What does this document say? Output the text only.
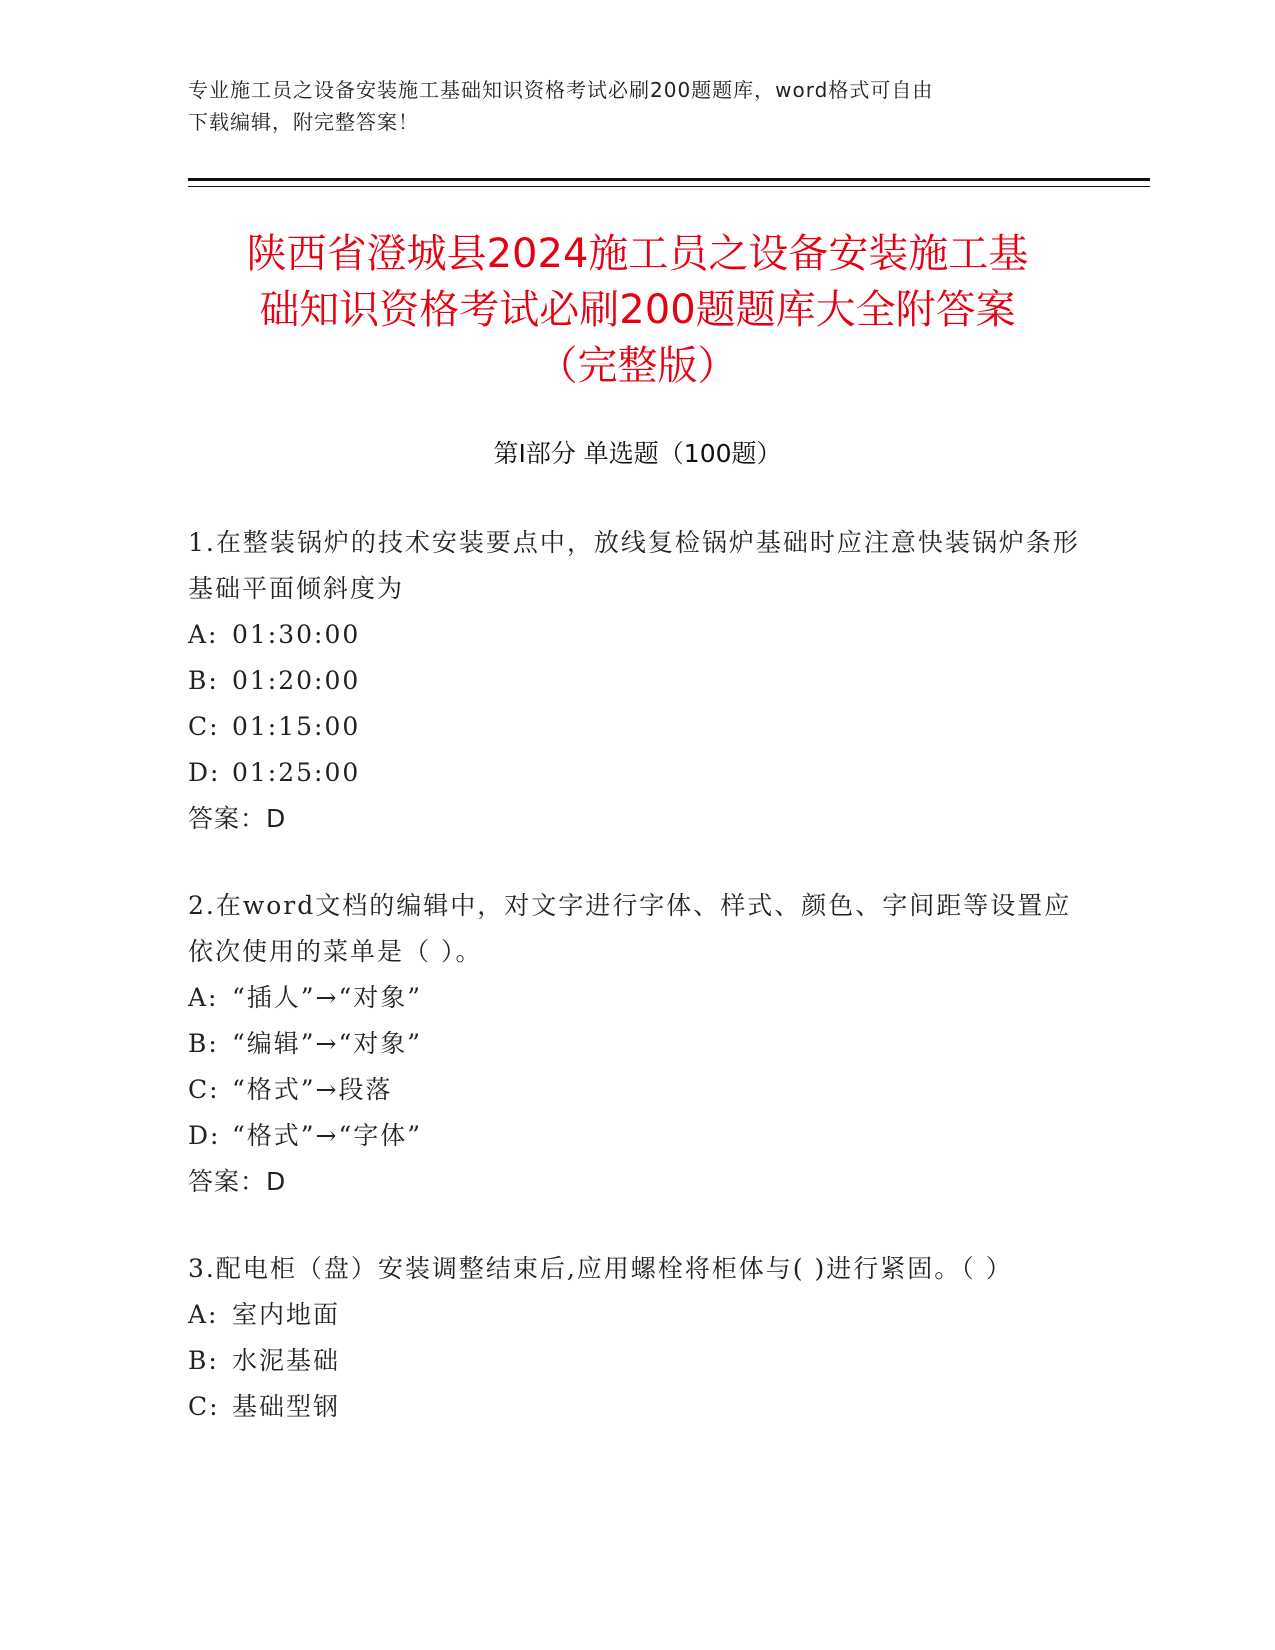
专业施工员之设备安装施工基础知识资格考试必刷200题题库，word格式可自由
下载编辑，附完整答案！
陕西省澄城县2024施工员之设备安装施工基
础知识资格考试必刷200题题库大全附答案
（完整版）
第Ⅰ部分 单选题（100题）
1.在整装锅炉的技术安装要点中，放线复检锅炉基础时应注意快装锅炉条形基础平面倾斜度为
A: 01:30:00
B: 01:20:00
C: 01:15:00
D: 01:25:00
答案：D
2.在word文档的编辑中，对文字进行字体、样式、颜色、字间距等设置应依次使用的菜单是（ ）。
A: “插人”→“对象”
B: “编辑”→“对象”
C: “格式”→段落
D: “格式”→“字体”
答案：D
3.配电柜（盘）安装调整结束后,应用螺栓将柜体与( )进行紧固。（ ）
A: 室内地面
B: 水泥基础
C: 基础型钢
